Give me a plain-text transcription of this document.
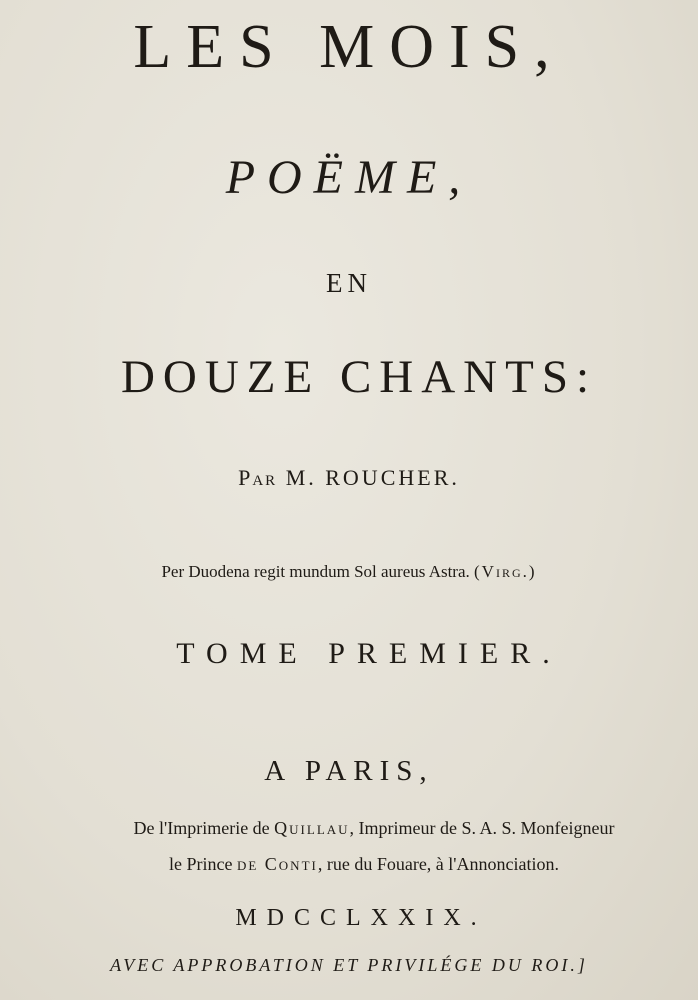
LES MOIS,
POËME,
EN
DOUZE CHANTS:
Par M. ROUCHER.
Per Duodena regit mundum Sol aureus Astra. (Virg.)
TOME PREMIER.
A PARIS,
De l'Imprimerie de Quillau, Imprimeur de S. A. S. Monfeigneur
le Prince de Conti, rue du Fouare, à l'Annonciation.
MDCCLXXIX.
AVEC APPROBATION ET PRIVILÉGE DU ROI.]
